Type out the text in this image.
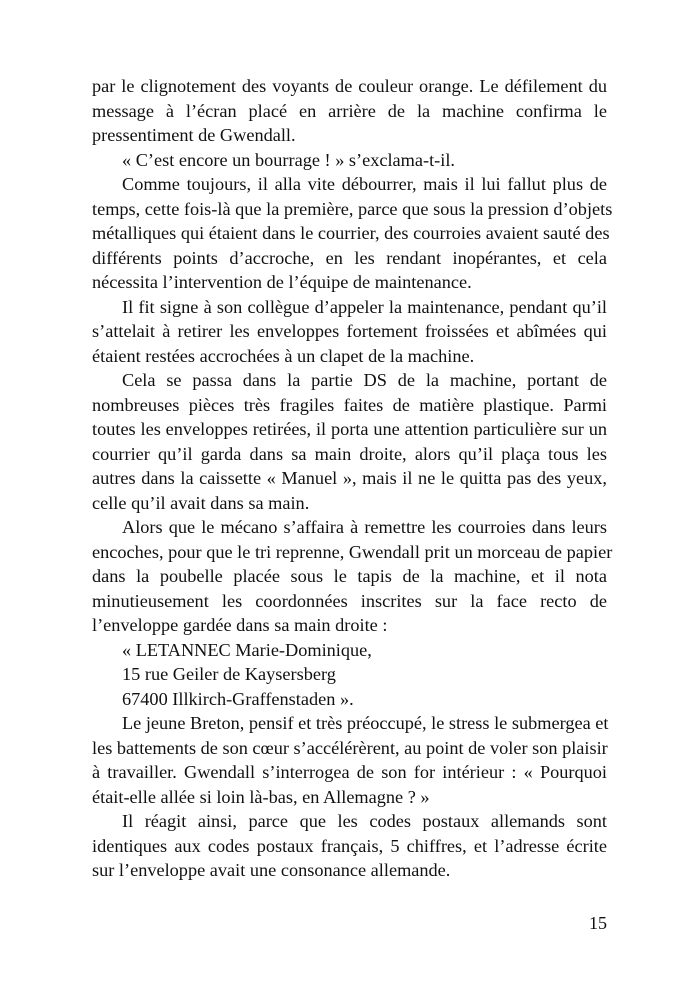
par le clignotement des voyants de couleur orange. Le défilement du
message à l’écran placé en arrière de la machine confirma le
pressentiment de Gwendall.
« C’est encore un bourrage ! » s’exclama-t-il.
Comme toujours, il alla vite débourrer, mais il lui fallut plus de
temps, cette fois-là que la première, parce que sous la pression d’objets
métalliques qui étaient dans le courrier, des courroies avaient sauté des
différents points d’accroche, en les rendant inopérantes, et cela
nécessita l’intervention de l’équipe de maintenance.
Il fit signe à son collègue d’appeler la maintenance, pendant qu’il
s’attelait à retirer les enveloppes fortement froissées et abîmées qui
étaient restées accrochées à un clapet de la machine.
Cela se passa dans la partie DS de la machine, portant de
nombreuses pièces très fragiles faites de matière plastique. Parmi
toutes les enveloppes retirées, il porta une attention particulière sur un
courrier qu’il garda dans sa main droite, alors qu’il plaça tous les
autres dans la caissette « Manuel », mais il ne le quitta pas des yeux,
celle qu’il avait dans sa main.
Alors que le mécano s’affaira à remettre les courroies dans leurs
encoches, pour que le tri reprenne, Gwendall prit un morceau de papier
dans la poubelle placée sous le tapis de la machine, et il nota
minutieusement les coordonnées inscrites sur la face recto de
l’enveloppe gardée dans sa main droite :
« LETANNEC Marie-Dominique,
15 rue Geiler de Kaysersberg
67400 Illkirch-Graffenstaden ».
Le jeune Breton, pensif et très préoccupé, le stress le submergea et
les battements de son cœur s’accélérèrent, au point de voler son plaisir
à travailler. Gwendall s’interrogea de son for intérieur : « Pourquoi
était-elle allée si loin là-bas, en Allemagne ? »
Il réagit ainsi, parce que les codes postaux allemands sont
identiques aux codes postaux français, 5 chiffres, et l’adresse écrite
sur l’enveloppe avait une consonance allemande.
15
